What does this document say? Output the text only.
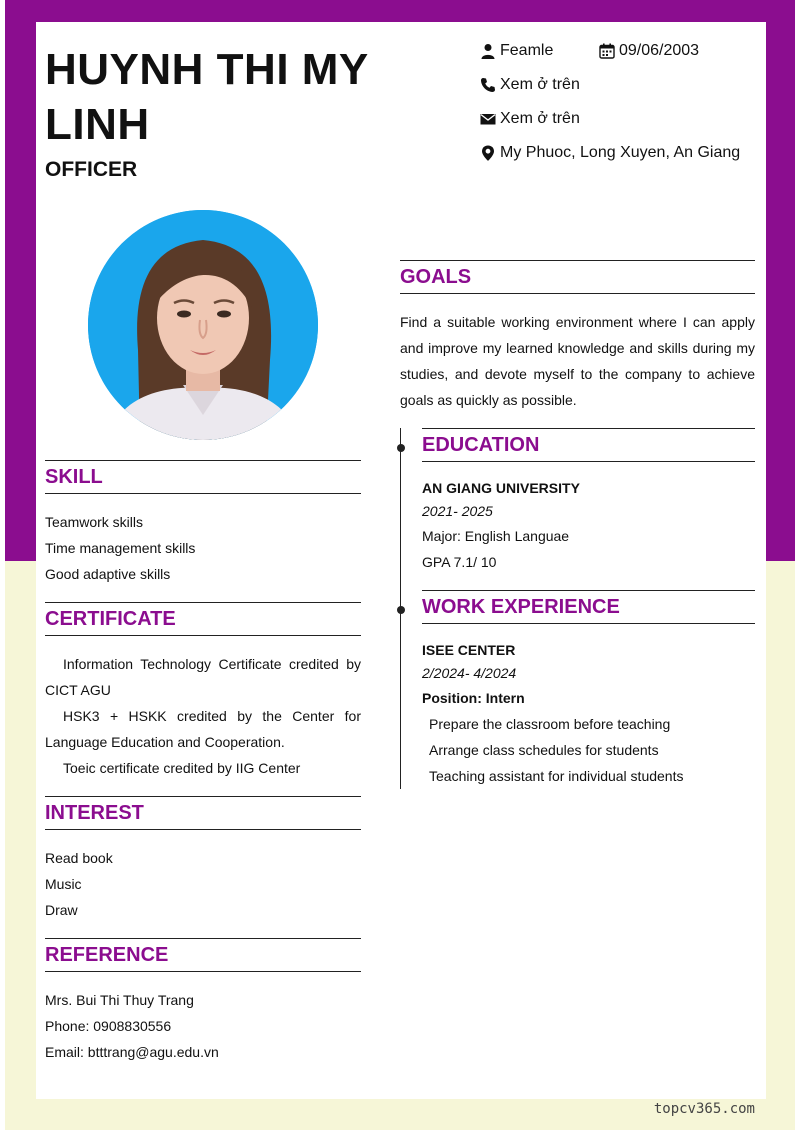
HUYNH THI MY LINH
OFFICER
Feamle	09/06/2003
Xem ở trên
Xem ở trên
My Phuoc, Long Xuyen, An Giang
SKILL
Teamwork skills
Time management skills
Good adaptive skills
CERTIFICATE
Information Technology Certificate credited by CICT AGU
HSK3 + HSKK credited by the Center for Language Education and Cooperation.
Toeic certificate credited by IIG Center
INTEREST
Read book
Music
Draw
REFERENCE
Mrs. Bui Thi Thuy Trang
Phone: 0908830556
Email: btttrang@agu.edu.vn
GOALS
Find a suitable working environment where I can apply and improve my learned knowledge and skills during my studies, and devote myself to the company to achieve goals as quickly as possible.
EDUCATION
AN GIANG UNIVERSITY
2021- 2025
Major: English Languae
GPA 7.1/ 10
WORK EXPERIENCE
ISEE CENTER
2/2024- 4/2024
Position: Intern
Prepare the classroom before teaching
Arrange class schedules for students
Teaching assistant for individual students
topcv365.com
